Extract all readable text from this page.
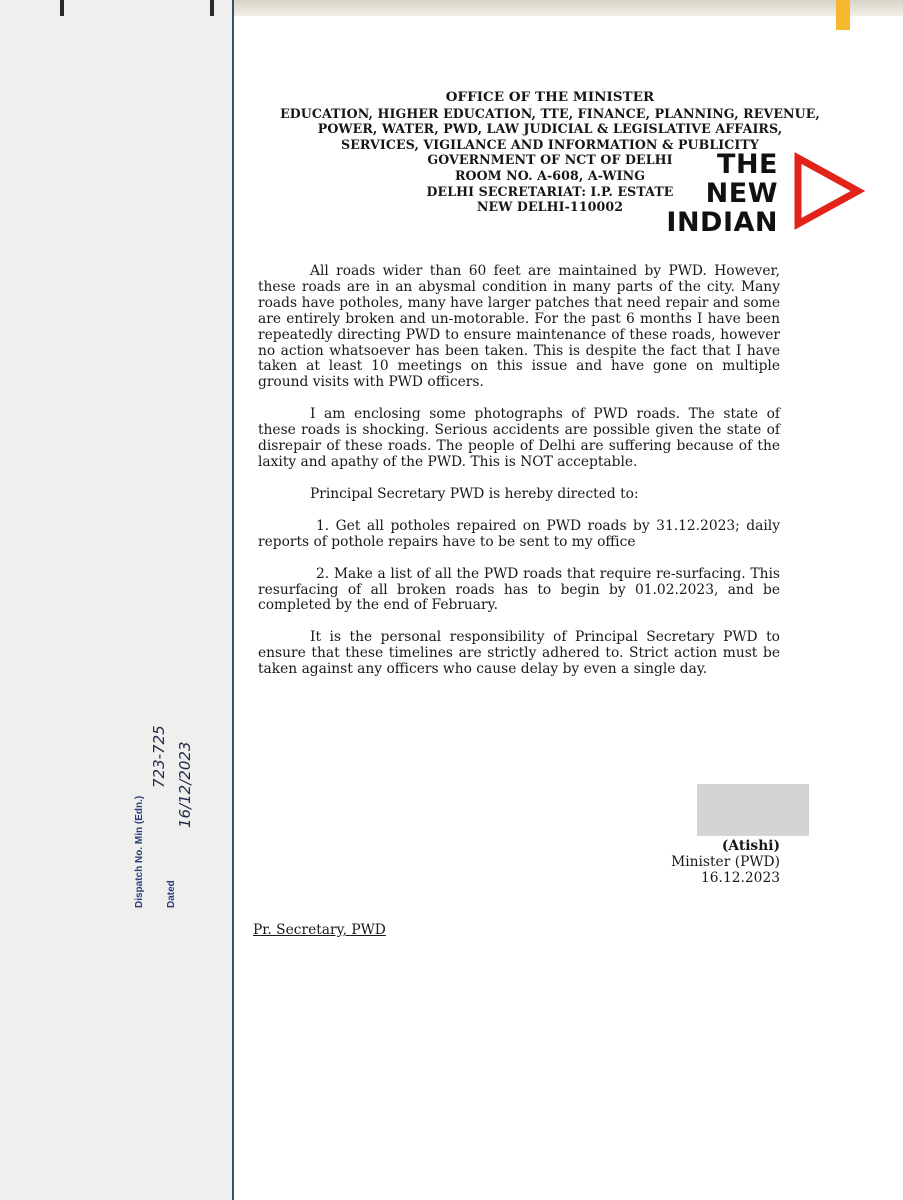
Dispatch No. Min (Edn.)
723-725
Dated
16/12/2023
OFFICE OF THE MINISTER
EDUCATION, HIGHER EDUCATION, TTE, FINANCE, PLANNING, REVENUE,
POWER, WATER, PWD, LAW JUDICIAL & LEGISLATIVE AFFAIRS,
SERVICES, VIGILANCE AND INFORMATION & PUBLICITY
GOVERNMENT OF NCT OF DELHI
ROOM NO. A-608, A-WING
DELHI SECRETARIAT: I.P. ESTATE
NEW DELHI-110002
THE
NEW
INDIAN

All roads wider than 60 feet are maintained by PWD. However, these roads are in an abysmal condition in many parts of the city. Many roads have potholes, many have larger patches that need repair and some are entirely broken and un-motorable. For the past 6 months I have been repeatedly directing PWD to ensure maintenance of these roads, however no action whatsoever has been taken. This is despite the fact that I have taken at least 10 meetings on this issue and have gone on multiple ground visits with PWD officers.

I am enclosing some photographs of PWD roads. The state of these roads is shocking. Serious accidents are possible given the state of disrepair of these roads. The people of Delhi are suffering because of the laxity and apathy of the PWD. This is NOT acceptable.

Principal Secretary PWD is hereby directed to:

1. Get all potholes repaired on PWD roads by 31.12.2023; daily reports of pothole repairs have to be sent to my office

2. Make a list of all the PWD roads that require re-surfacing. This resurfacing of all broken roads has to begin by 01.02.2023, and be completed by the end of February.

It is the personal responsibility of Principal Secretary PWD to ensure that these timelines are strictly adhered to. Strict action must be taken against any officers who cause delay by even a single day.

(Atishi)
Minister (PWD)
16.12.2023
Pr. Secretary, PWD
